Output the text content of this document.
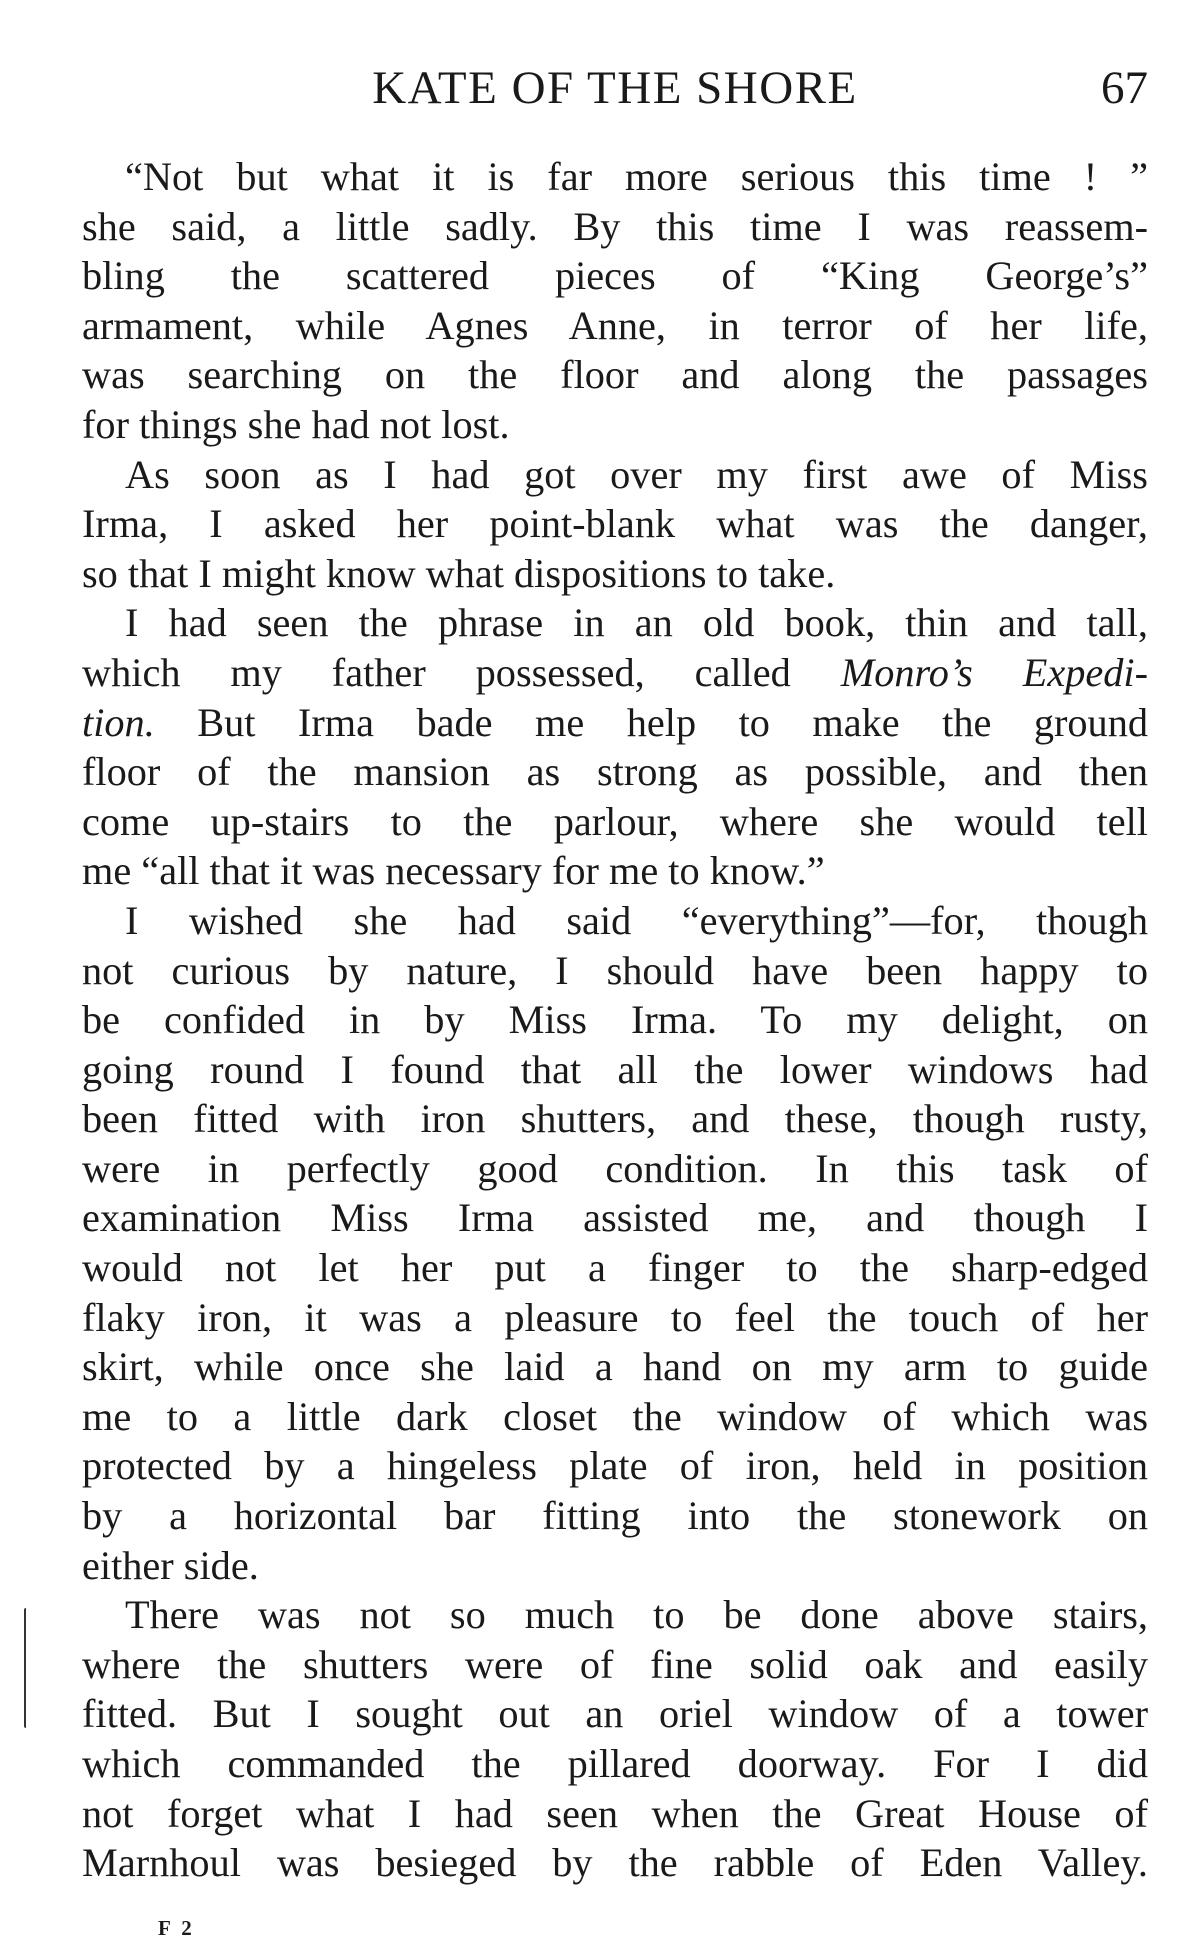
KATE OF THE SHORE	67
“Not but what it is far more serious this time ! ”
she said, a little sadly. By this time I was reassem-
bling the scattered pieces of “King George’s”
armament, while Agnes Anne, in terror of her life,
was searching on the floor and along the passages
for things she had not lost.
As soon as I had got over my first awe of Miss
Irma, I asked her point-blank what was the danger,
so that I might know what dispositions to take.
I had seen the phrase in an old book, thin and tall,
which my father possessed, called Monro’s Expedi-
tion. But Irma bade me help to make the ground
floor of the mansion as strong as possible, and then
come up-stairs to the parlour, where she would tell
me “all that it was necessary for me to know.”
I wished she had said “everything”—for, though
not curious by nature, I should have been happy to
be confided in by Miss Irma. To my delight, on
going round I found that all the lower windows had
been fitted with iron shutters, and these, though rusty,
were in perfectly good condition. In this task of
examination Miss Irma assisted me, and though I
would not let her put a finger to the sharp-edged
flaky iron, it was a pleasure to feel the touch of her
skirt, while once she laid a hand on my arm to guide
me to a little dark closet the window of which was
protected by a hingeless plate of iron, held in position
by a horizontal bar fitting into the stonework on
either side.
There was not so much to be done above stairs,
where the shutters were of fine solid oak and easily
fitted. But I sought out an oriel window of a tower
which commanded the pillared doorway. For I did
not forget what I had seen when the Great House of
Marnhoul was besieged by the rabble of Eden Valley.
F 2
